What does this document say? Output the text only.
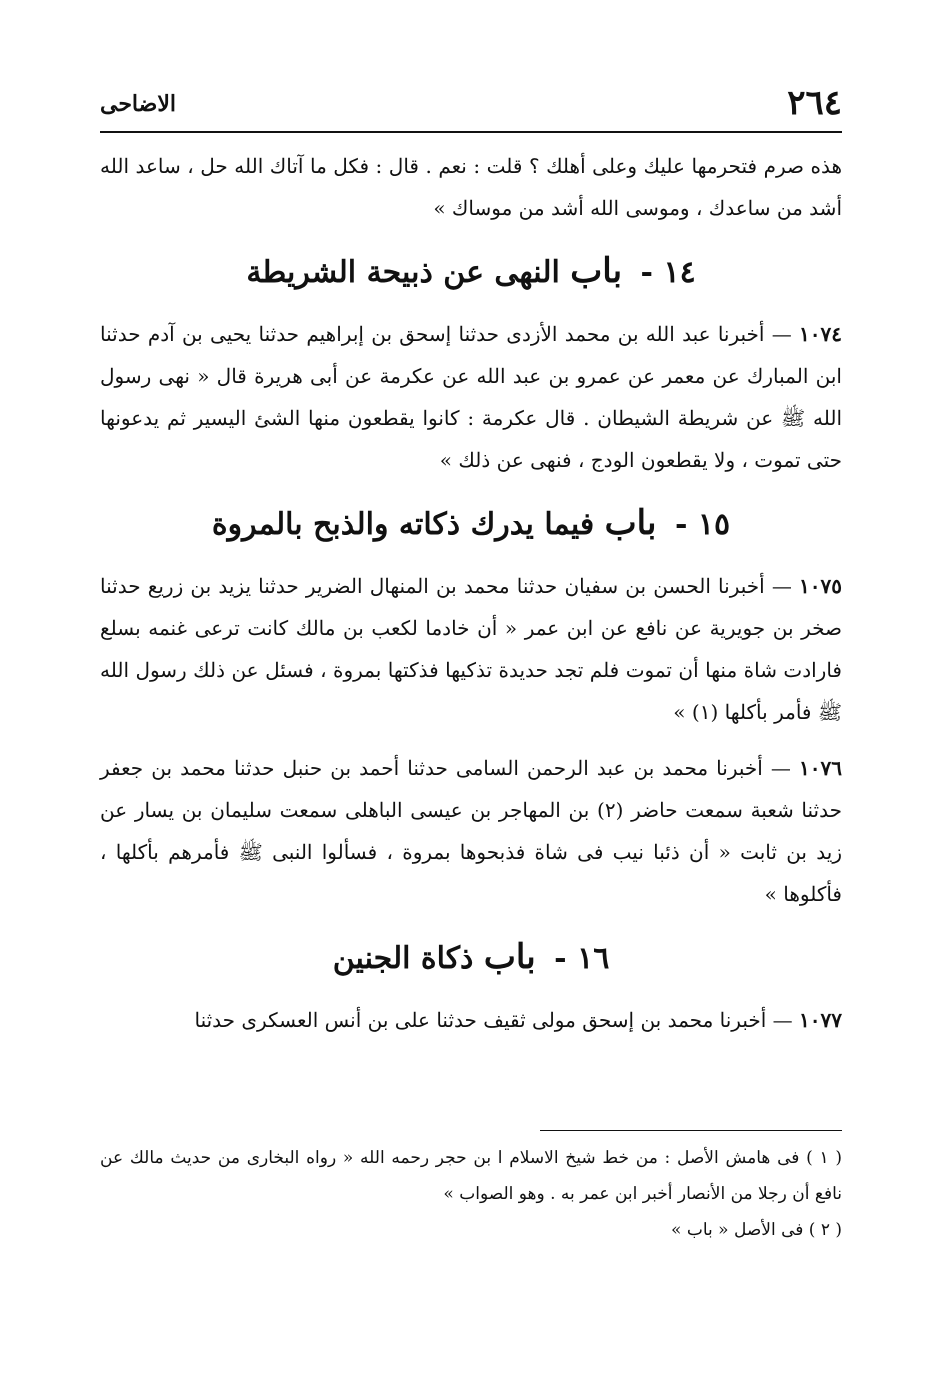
٢٦٤
الاضاحى

هذه صرم فتحرمها عليك وعلى أهلك ؟ قلت : نعم . قال : فكل ما آتاك الله حل ، ساعد الله أشد من ساعدك ، وموسى الله أشد من موساك »

١٤ - باب النهى عن ذبيحة الشريطة

١٠٧٤ — أخبرنا عبد الله بن محمد الأزدى حدثنا إسحق بن إبراهيم حدثنا يحيى بن آدم حدثنا ابن المبارك عن معمر عن عمرو بن عبد الله عن عكرمة عن أبى هريرة قال « نهى رسول الله ﷺ عن شريطة الشيطان . قال عكرمة : كانوا يقطعون منها الشئ اليسير ثم يدعونها حتى تموت ، ولا يقطعون الودج ، فنهى عن ذلك »

١٥ - باب فيما يدرك ذكاته والذبح بالمروة

١٠٧٥ — أخبرنا الحسن بن سفيان حدثنا محمد بن المنهال الضرير حدثنا يزيد بن زريع حدثنا صخر بن جويرية عن نافع عن ابن عمر « أن خادما لكعب بن مالك كانت ترعى غنمه بسلع فارادت شاة منها أن تموت فلم تجد حديدة تذكيها فذكتها بمروة ، فسئل عن ذلك رسول الله ﷺ فأمر بأكلها (١) »

١٠٧٦ — أخبرنا محمد بن عبد الرحمن السامى حدثنا أحمد بن حنبل حدثنا محمد بن جعفر حدثنا شعبة سمعت حاضر (٢) بن المهاجر بن عيسى الباهلى سمعت سليمان بن يسار عن زيد بن ثابت « أن ذئبا نيب فى شاة فذبحوها بمروة ، فسألوا النبى ﷺ فأمرهم بأكلها ، فأكلوها »

١٦ - باب ذكاة الجنين

١٠٧٧ — أخبرنا محمد بن إسحق مولى ثقيف حدثنا على بن أنس العسكرى حدثنا

( ١ ) فى هامش الأصل : من خط شيخ الاسلام ا بن حجر رحمه الله « رواه البخارى من حديث مالك عن نافع أن رجلا من الأنصار أخبر ابن عمر به . وهو الصواب »

( ٢ ) فى الأصل « باب »
